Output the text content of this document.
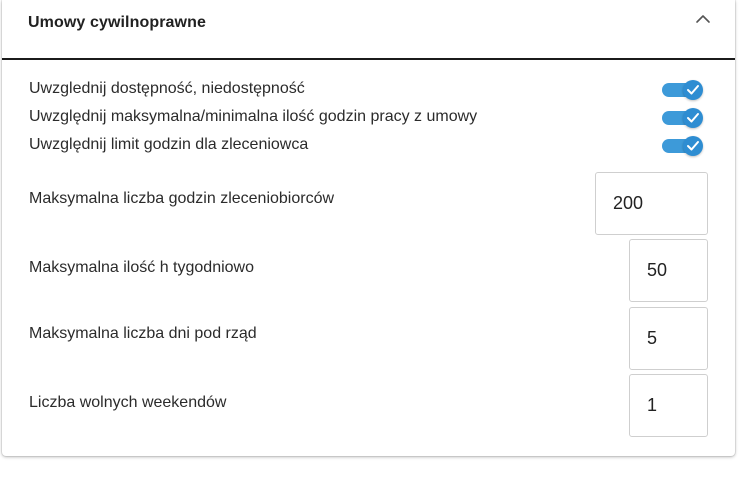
Umowy cywilnoprawne
Uwzglednij dostępność, niedostępność
Uwzględnij maksymalna/minimalna ilość godzin pracy z umowy
Uwzględnij limit godzin dla zleceniowca
Maksymalna liczba godzin zleceniobiorców
200
Maksymalna ilość h tygodniowo
50
Maksymalna liczba dni pod rząd
5
Liczba wolnych weekendów
1
